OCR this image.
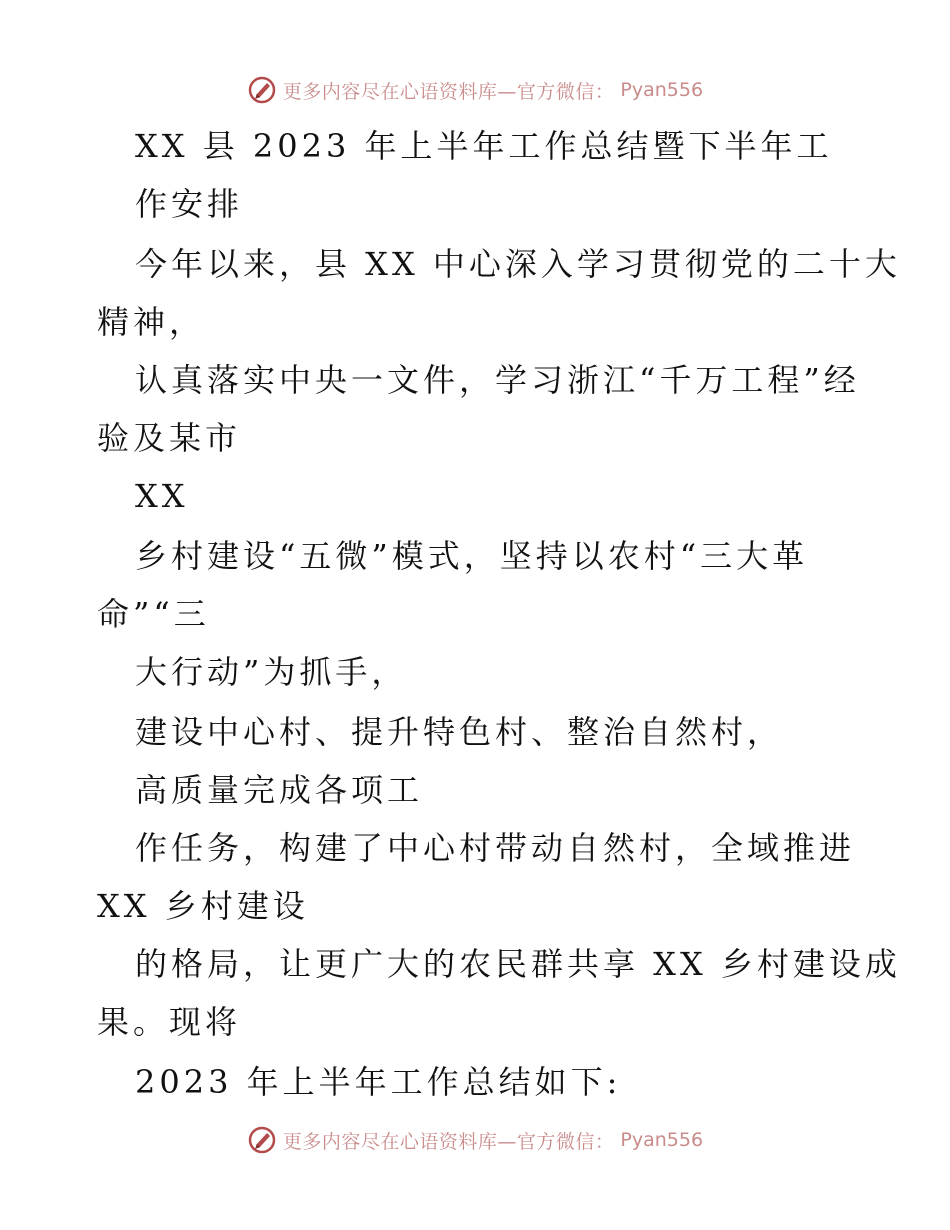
更多内容尽在心语资料库—官方微信： Pyan556
XX 县 2023 年上半年工作总结暨下半年工
作安排
今年以来，县 XX 中心深入学习贯彻党的二十大
精神，
认真落实中央一文件，学习浙江“千万工程”经
验及某市
XX
乡村建设“五微”模式，坚持以农村“三大革
命”“三
大行动”为抓手，
建设中心村、提升特色村、整治自然村，
高质量完成各项工
作任务，构建了中心村带动自然村，全域推进
XX 乡村建设
的格局，让更广大的农民群共享 XX 乡村建设成
果。现将
2023 年上半年工作总结如下:
更多内容尽在心语资料库—官方微信： Pyan556
